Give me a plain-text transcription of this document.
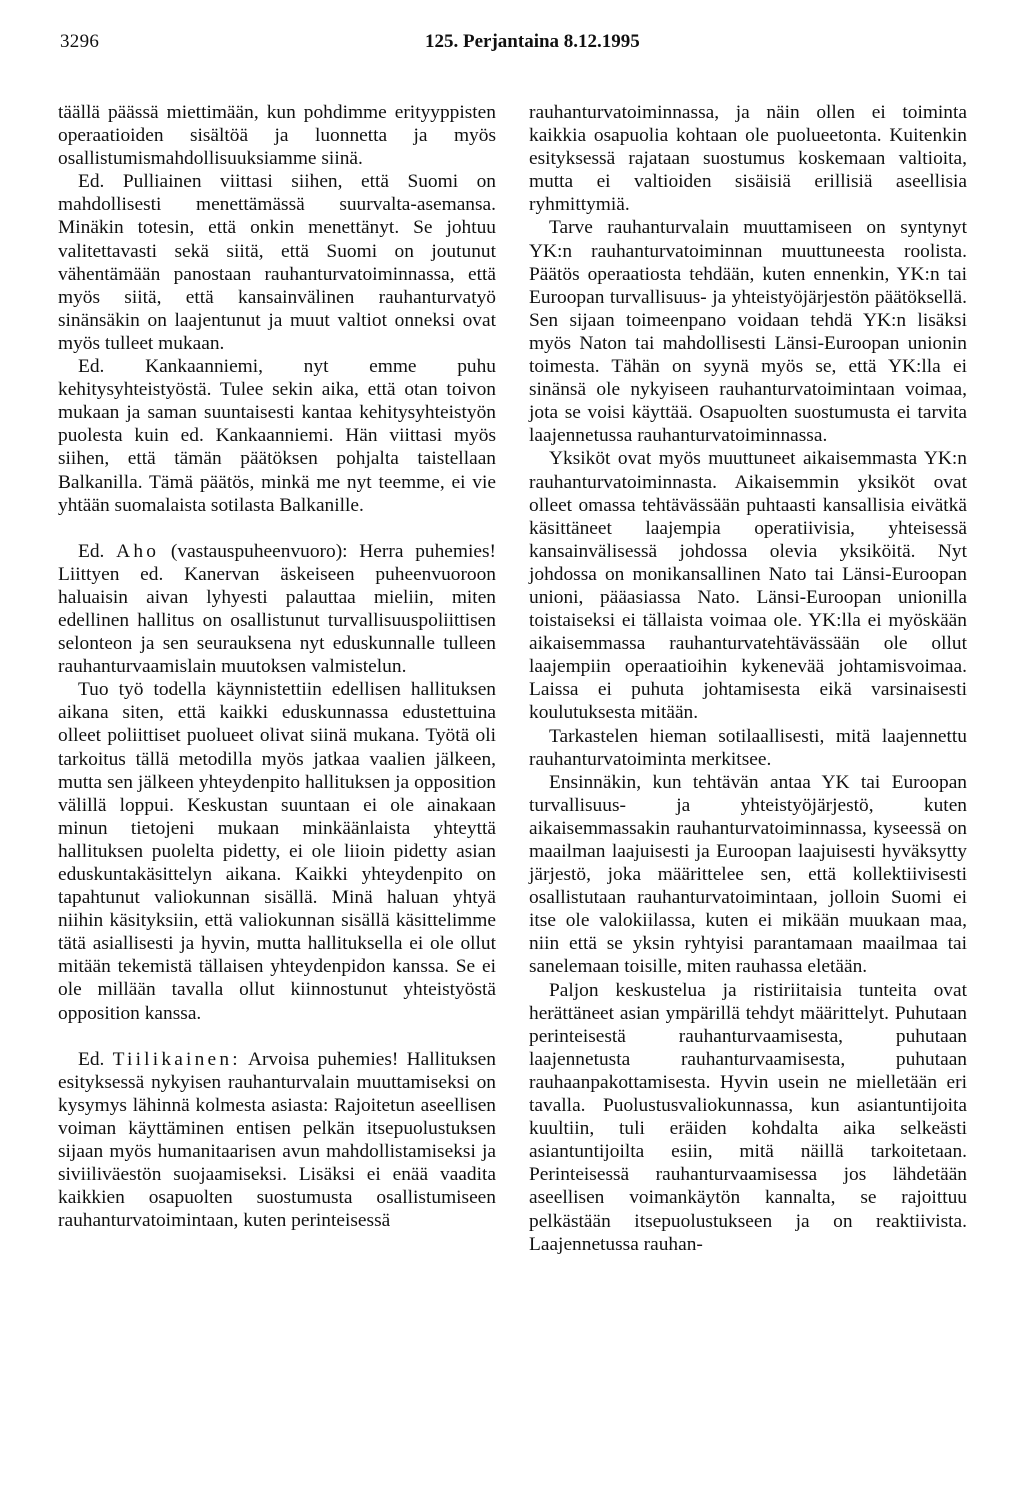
3296	125. Perjantaina 8.12.1995

täällä päässä miettimään, kun pohdimme erityyppisten operaatioiden sisältöä ja luonnetta ja myös osallistumismahdollisuuksiamme siinä.

Ed. Pulliainen viittasi siihen, että Suomi on mahdollisesti menettämässä suurvalta-asemansa. Minäkin totesin, että onkin menettänyt. Se johtuu valitettavasti sekä siitä, että Suomi on joutunut vähentämään panostaan rauhanturvatoiminnassa, että myös siitä, että kansainvälinen rauhanturvatyö sinänsäkin on laajentunut ja muut valtiot onneksi ovat myös tulleet mukaan.

Ed. Kankaanniemi, nyt emme puhu kehitysyhteistyöstä. Tulee sekin aika, että otan toivon mukaan ja saman suuntaisesti kantaa kehitysyhteistyön puolesta kuin ed. Kankaanniemi. Hän viittasi myös siihen, että tämän päätöksen pohjalta taistellaan Balkanilla. Tämä päätös, minkä me nyt teemme, ei vie yhtään suomalaista sotilasta Balkanille.

Ed. Aho (vastauspuheenvuoro): Herra puhemies! Liittyen ed. Kanervan äskeiseen puheenvuoroon haluaisin aivan lyhyesti palauttaa mieliin, miten edellinen hallitus on osallistunut turvallisuuspoliittisen selonteon ja sen seurauksena nyt eduskunnalle tulleen rauhanturvaamislain muutoksen valmistelun.

Tuo työ todella käynnistettiin edellisen hallituksen aikana siten, että kaikki eduskunnassa edustettuina olleet poliittiset puolueet olivat siinä mukana. Työtä oli tarkoitus tällä metodilla myös jatkaa vaalien jälkeen, mutta sen jälkeen yhteydenpito hallituksen ja opposition välillä loppui. Keskustan suuntaan ei ole ainakaan minun tietojeni mukaan minkäänlaista yhteyttä hallituksen puolelta pidetty, ei ole liioin pidetty asian eduskuntakäsittelyn aikana. Kaikki yhteydenpito on tapahtunut valiokunnan sisällä. Minä haluan yhtyä niihin käsityksiin, että valiokunnan sisällä käsittelimme tätä asiallisesti ja hyvin, mutta hallituksella ei ole ollut mitään tekemistä tällaisen yhteydenpidon kanssa. Se ei ole millään tavalla ollut kiinnostunut yhteistyöstä opposition kanssa.

Ed. Tiilikainen: Arvoisa puhemies! Hallituksen esityksessä nykyisen rauhanturvalain muuttamiseksi on kysymys lähinnä kolmesta asiasta: Rajoitetun aseellisen voiman käyttäminen entisen pelkän itsepuolustuksen sijaan myös humanitaarisen avun mahdollistamiseksi ja siviiliväestön suojaamiseksi. Lisäksi ei enää vaadita kaikkien osapuolten suostumusta osallistumiseen rauhanturvatoimintaan, kuten perinteisessä

rauhanturvatoiminnassa, ja näin ollen ei toiminta kaikkia osapuolia kohtaan ole puolueetonta. Kuitenkin esityksessä rajataan suostumus koskemaan valtioita, mutta ei valtioiden sisäisiä erillisiä aseellisia ryhmittymiä.

Tarve rauhanturvalain muuttamiseen on syntynyt YK:n rauhanturvatoiminnan muuttuneesta roolista. Päätös operaatiosta tehdään, kuten ennenkin, YK:n tai Euroopan turvallisuus- ja yhteistyöjärjestön päätöksellä. Sen sijaan toimeenpano voidaan tehdä YK:n lisäksi myös Naton tai mahdollisesti Länsi-Euroopan unionin toimesta. Tähän on syynä myös se, että YK:lla ei sinänsä ole nykyiseen rauhanturvatoimintaan voimaa, jota se voisi käyttää. Osapuolten suostumusta ei tarvita laajennetussa rauhanturvatoiminnassa.

Yksiköt ovat myös muuttuneet aikaisemmasta YK:n rauhanturvatoiminnasta. Aikaisemmin yksiköt ovat olleet omassa tehtävässään puhtaasti kansallisia eivätkä käsittäneet laajempia operatiivisia, yhteisessä kansainvälisessä johdossa olevia yksiköitä. Nyt johdossa on monikansallinen Nato tai Länsi-Euroopan unioni, pääasiassa Nato. Länsi-Euroopan unionilla toistaiseksi ei tällaista voimaa ole. YK:lla ei myöskään aikaisemmassa rauhanturvatehtävässään ole ollut laajempiin operaatioihin kykenevää johtamisvoimaa. Laissa ei puhuta johtamisesta eikä varsinaisesti koulutuksesta mitään.

Tarkastelen hieman sotilaallisesti, mitä laajennettu rauhanturvatoiminta merkitsee.

Ensinnäkin, kun tehtävän antaa YK tai Euroopan turvallisuus- ja yhteistyöjärjestö, kuten aikaisemmassakin rauhanturvatoiminnassa, kyseessä on maailman laajuisesti ja Euroopan laajuisesti hyväksytty järjestö, joka määrittelee sen, että kollektiivisesti osallistutaan rauhanturvatoimintaan, jolloin Suomi ei itse ole valokiilassa, kuten ei mikään muukaan maa, niin että se yksin ryhtyisi parantamaan maailmaa tai sanelemaan toisille, miten rauhassa eletään.

Paljon keskustelua ja ristiriitaisia tunteita ovat herättäneet asian ympärillä tehdyt määrittelyt. Puhutaan perinteisestä rauhanturvaamisesta, puhutaan laajennetusta rauhanturvaamisesta, puhutaan rauhaanpakottamisesta. Hyvin usein ne mielletään eri tavalla. Puolustusvaliokunnassa, kun asiantuntijoita kuultiin, tuli eräiden kohdalta aika selkeästi asiantuntijoilta esiin, mitä näillä tarkoitetaan. Perinteisessä rauhanturvaamisessa jos lähdetään aseellisen voimankäytön kannalta, se rajoittuu pelkästään itsepuolustukseen ja on reaktiivista. Laajennetussa rauhan-
